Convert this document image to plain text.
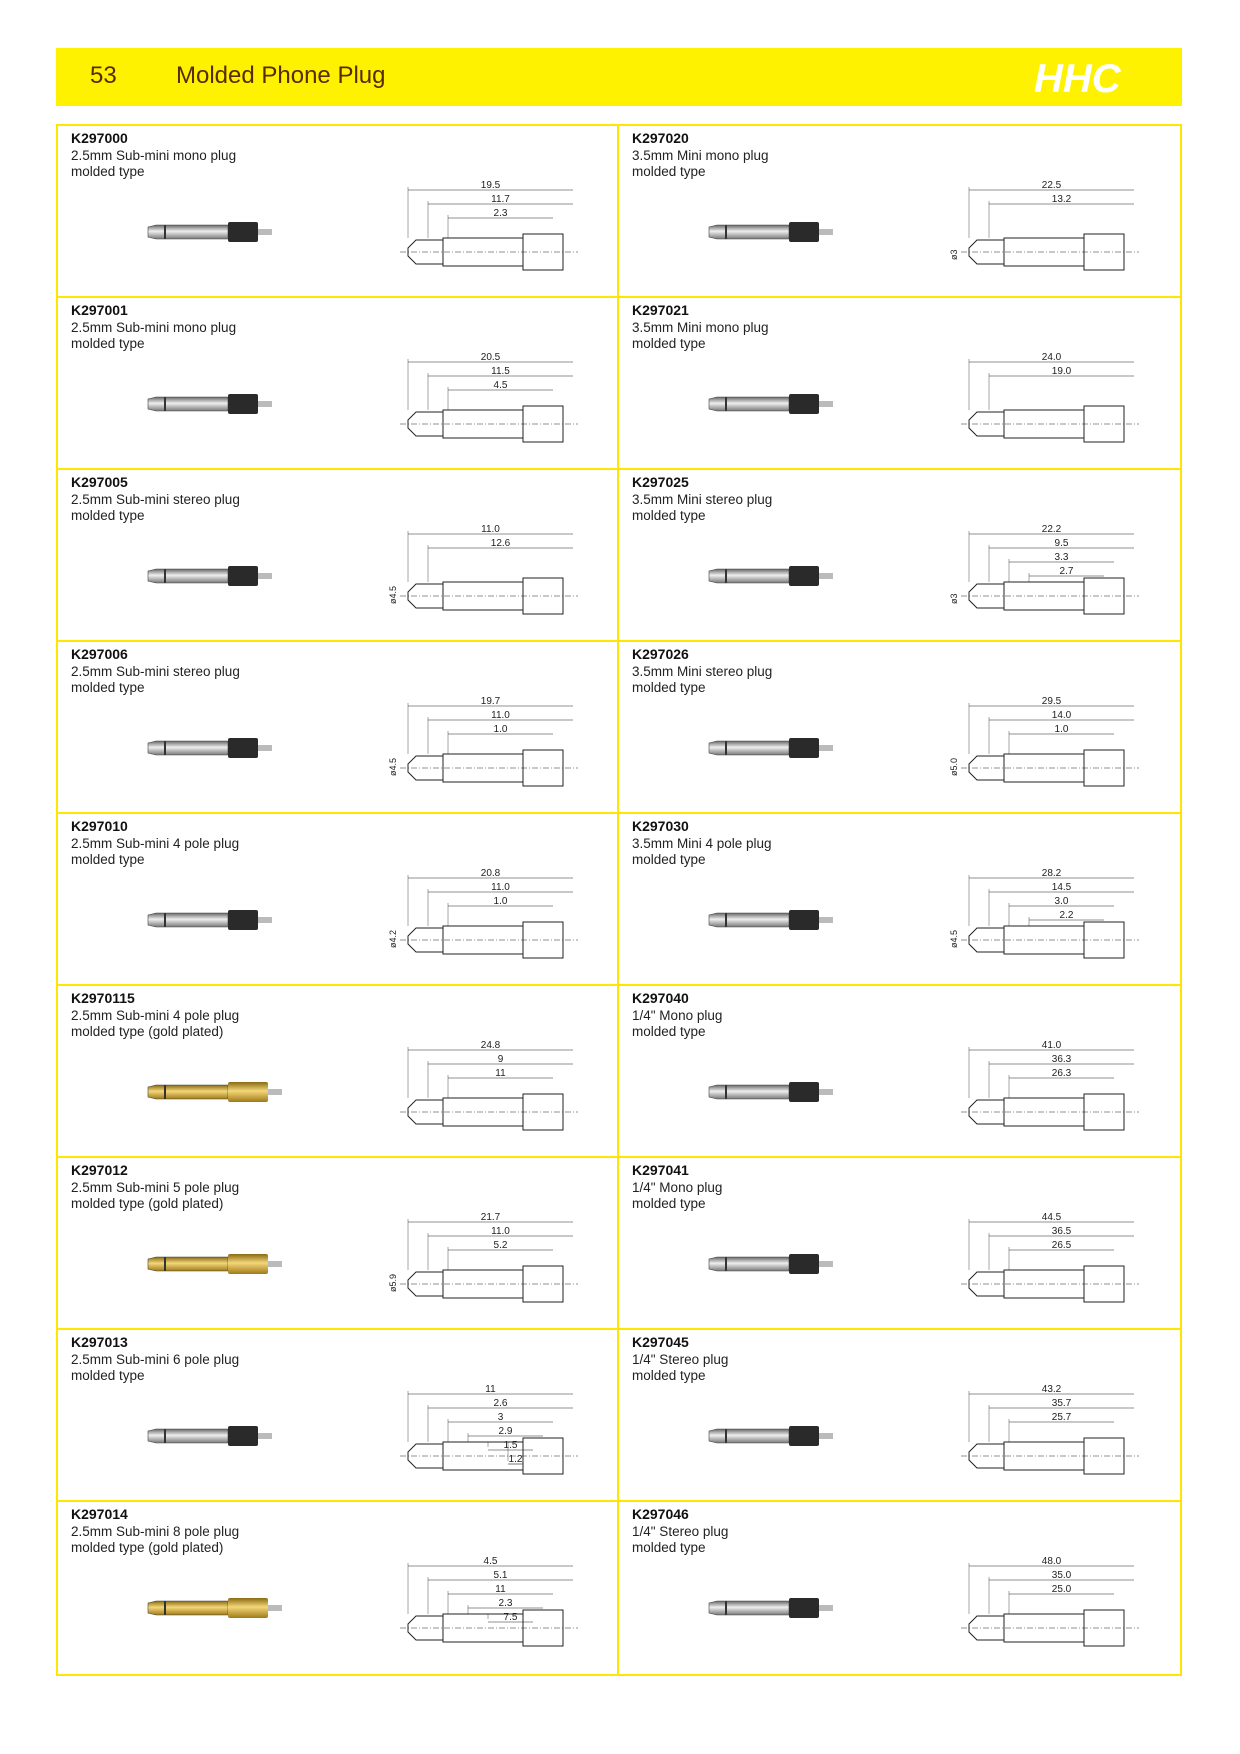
53 Molded Phone Plug	HHC
K297000
2.5mm Sub-mini mono plug
molded type
19.5
11.7
2.3
K297020
3.5mm Mini mono plug
molded type
22.5
13.2
ø3
K297001
2.5mm Sub-mini mono plug
molded type
20.5
11.5
4.5
K297021
3.5mm Mini mono plug
molded type
24.0
19.0
K297005
2.5mm Sub-mini stereo plug
molded type
11.0
12.6
ø4.5
K297025
3.5mm Mini stereo plug
molded type
22.2
9.5
3.3
2.7
ø3
K297006
2.5mm Sub-mini stereo plug
molded type
19.7
11.0
1.0
ø4.5
K297026
3.5mm Mini stereo plug
molded type
29.5
14.0
1.0
ø5.0
K297010
2.5mm Sub-mini 4 pole plug
molded type
20.8
11.0
1.0
ø4.2
K297030
3.5mm Mini 4 pole plug
molded type
28.2
14.5
3.0
2.2
ø4.5
K2970115
2.5mm Sub-mini 4 pole plug
molded type (gold plated)
24.8
9
11
K297040
1/4" Mono plug
molded type
41.0
36.3
26.3
K297012
2.5mm Sub-mini 5 pole plug
molded type (gold plated)
21.7
11.0
5.2
ø5.9
K297041
1/4" Mono plug
molded type
44.5
36.5
26.5
K297013
2.5mm Sub-mini 6 pole plug
molded type
11
2.6
3
2.9
1.5
1.2
K297045
1/4" Stereo plug
molded type
43.2
35.7
25.7
K297014
2.5mm Sub-mini 8 pole plug
molded type (gold plated)
4.5
5.1
11
2.3
7.5
K297046
1/4" Stereo plug
molded type
48.0
35.0
25.0
